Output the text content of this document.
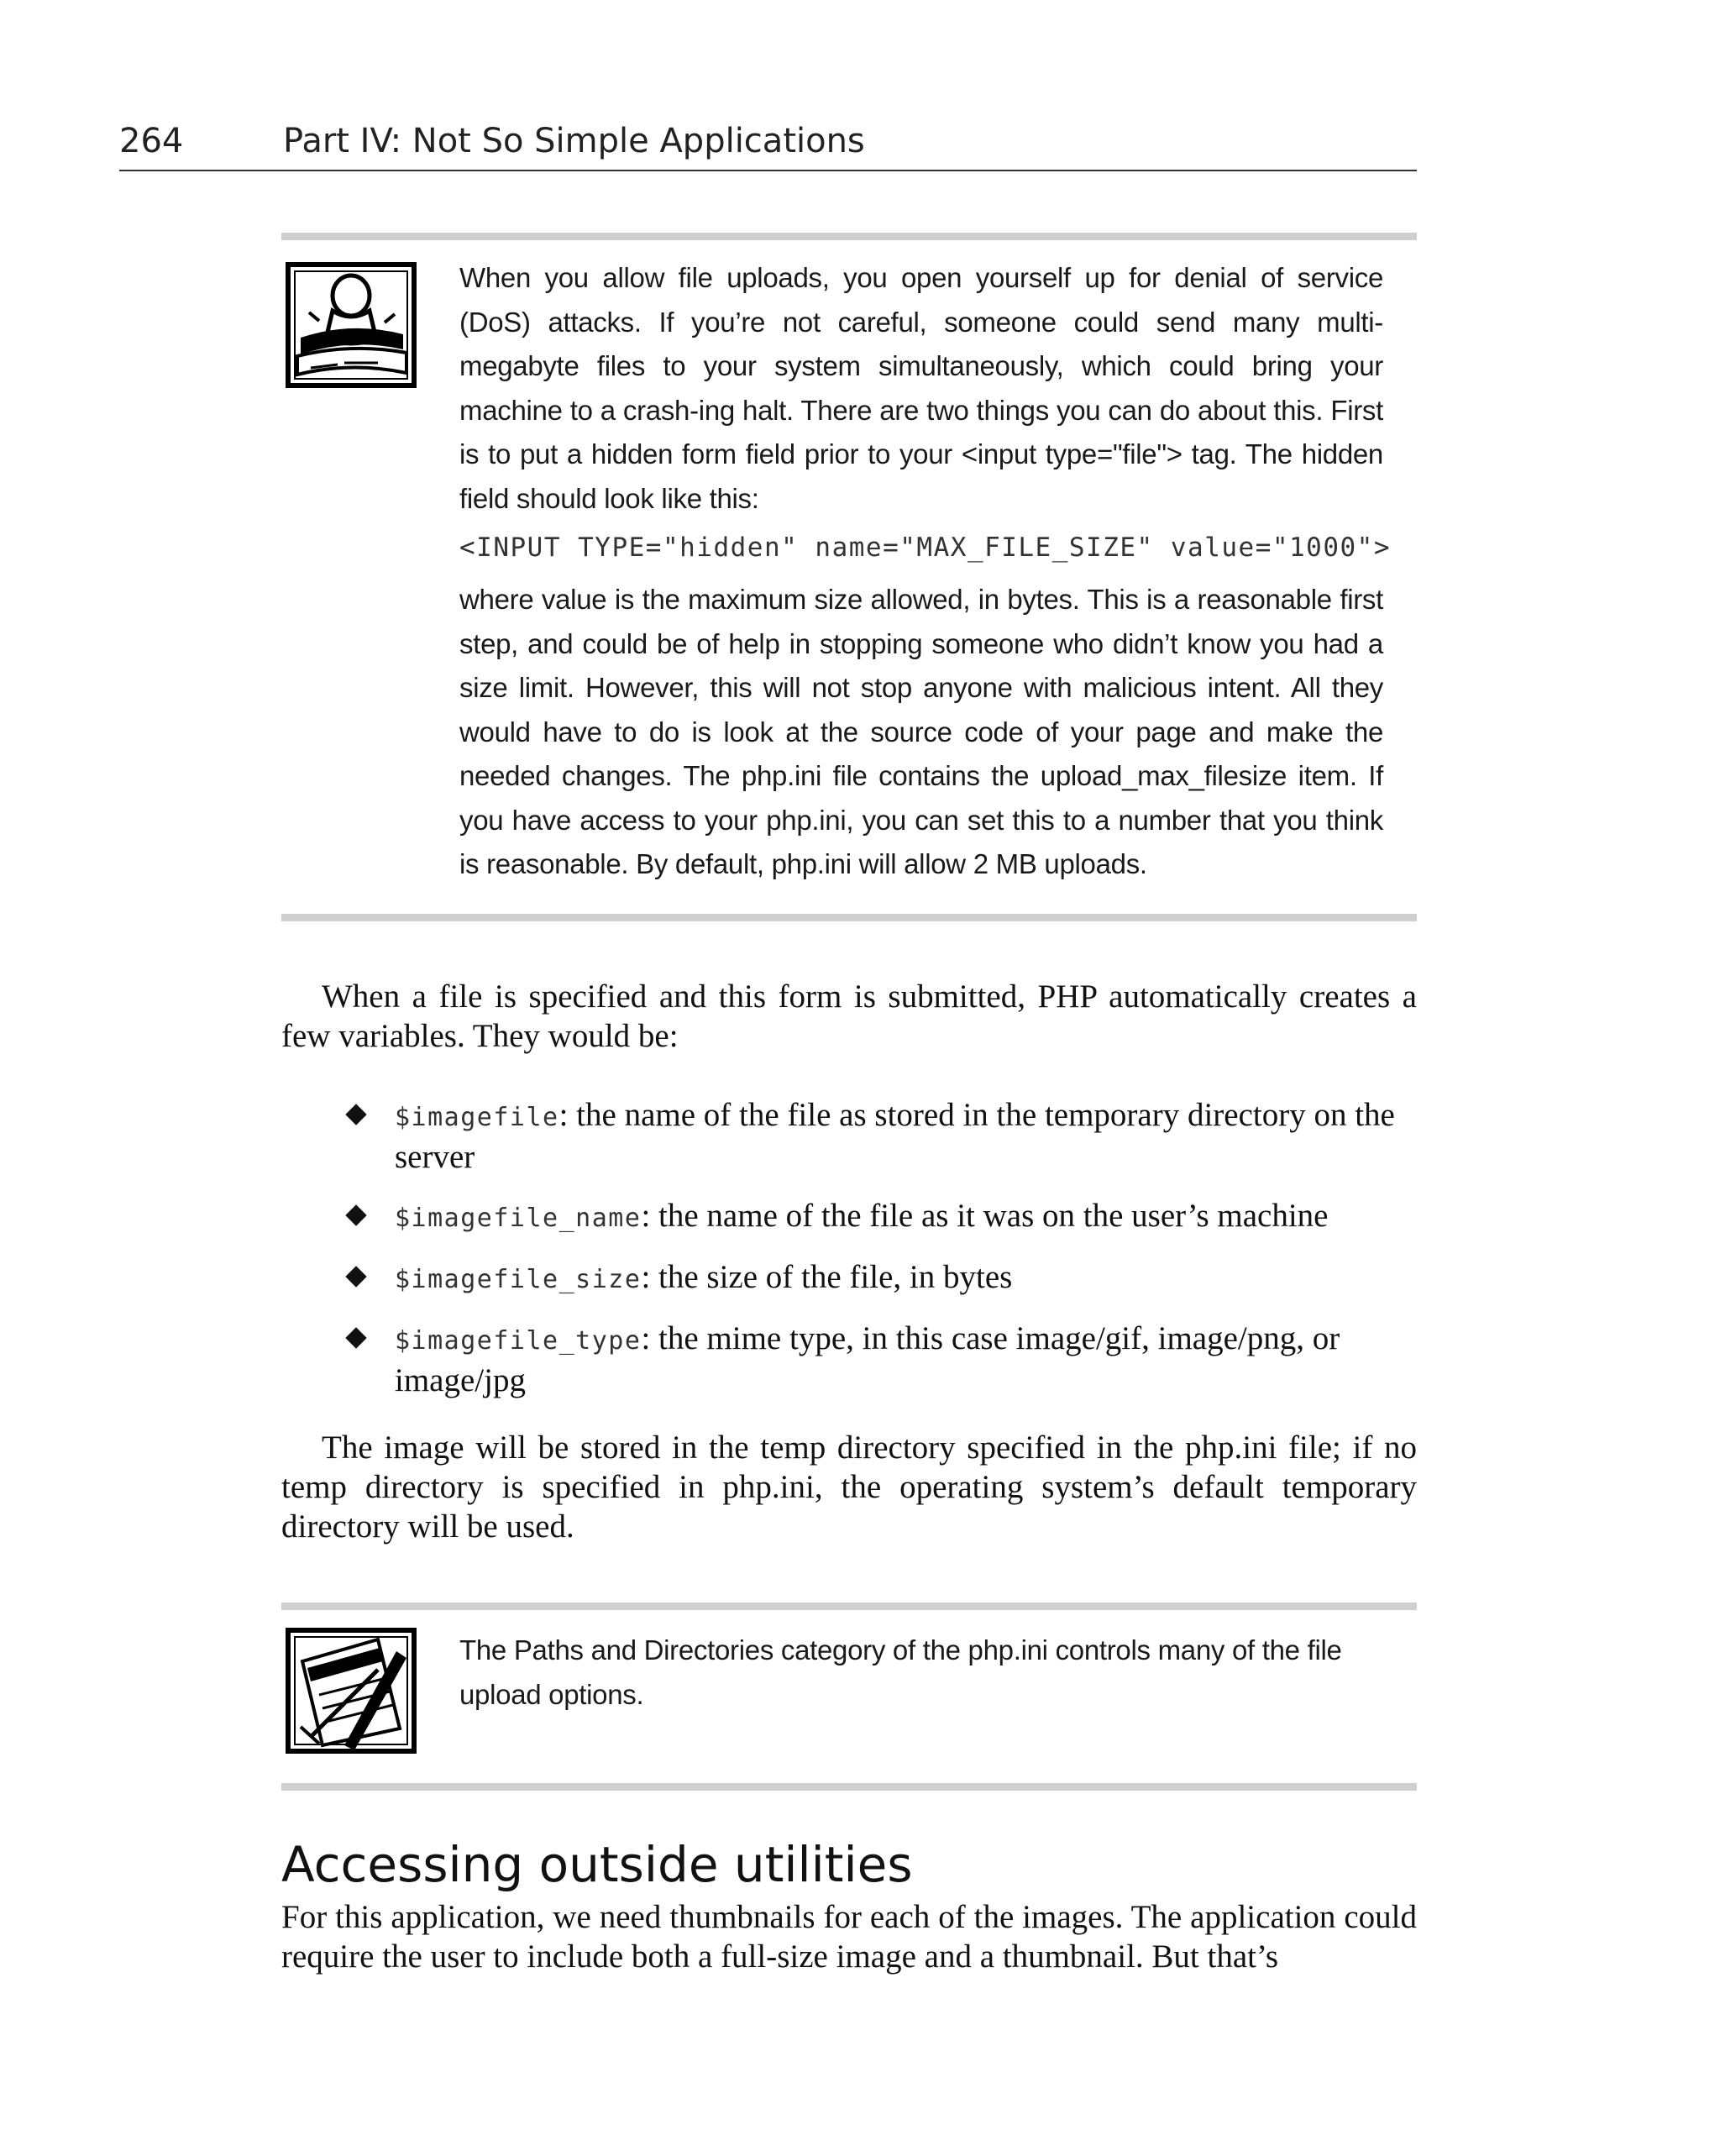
264	Part IV: Not So Simple Applications

When you allow file uploads, you open yourself up for denial of service (DoS) attacks. If you’re not careful, someone could send many multi-megabyte files to your system simultaneously, which could bring your machine to a crash-ing halt. There are two things you can do about this. First is to put a hidden form field prior to your <input type="file"> tag. The hidden field should look like this:

<INPUT TYPE="hidden" name="MAX_FILE_SIZE" value="1000">

where value is the maximum size allowed, in bytes. This is a reasonable first step, and could be of help in stopping someone who didn’t know you had a size limit. However, this will not stop anyone with malicious intent. All they would have to do is look at the source code of your page and make the needed changes. The php.ini file contains the upload_max_filesize item. If you have access to your php.ini, you can set this to a number that you think is reasonable. By default, php.ini will allow 2 MB uploads.

When a file is specified and this form is submitted, PHP automatically creates a few variables. They would be:

$imagefile: the name of the file as stored in the temporary directory on the server
$imagefile_name: the name of the file as it was on the user’s machine
$imagefile_size: the size of the file, in bytes
$imagefile_type: the mime type, in this case image/gif, image/png, or image/jpg

The image will be stored in the temp directory specified in the php.ini file; if no temp directory is specified in php.ini, the operating system’s default temporary directory will be used.

The Paths and Directories category of the php.ini controls many of the file upload options.

Accessing outside utilities

For this application, we need thumbnails for each of the images. The application could require the user to include both a full-size image and a thumbnail. But that’s
